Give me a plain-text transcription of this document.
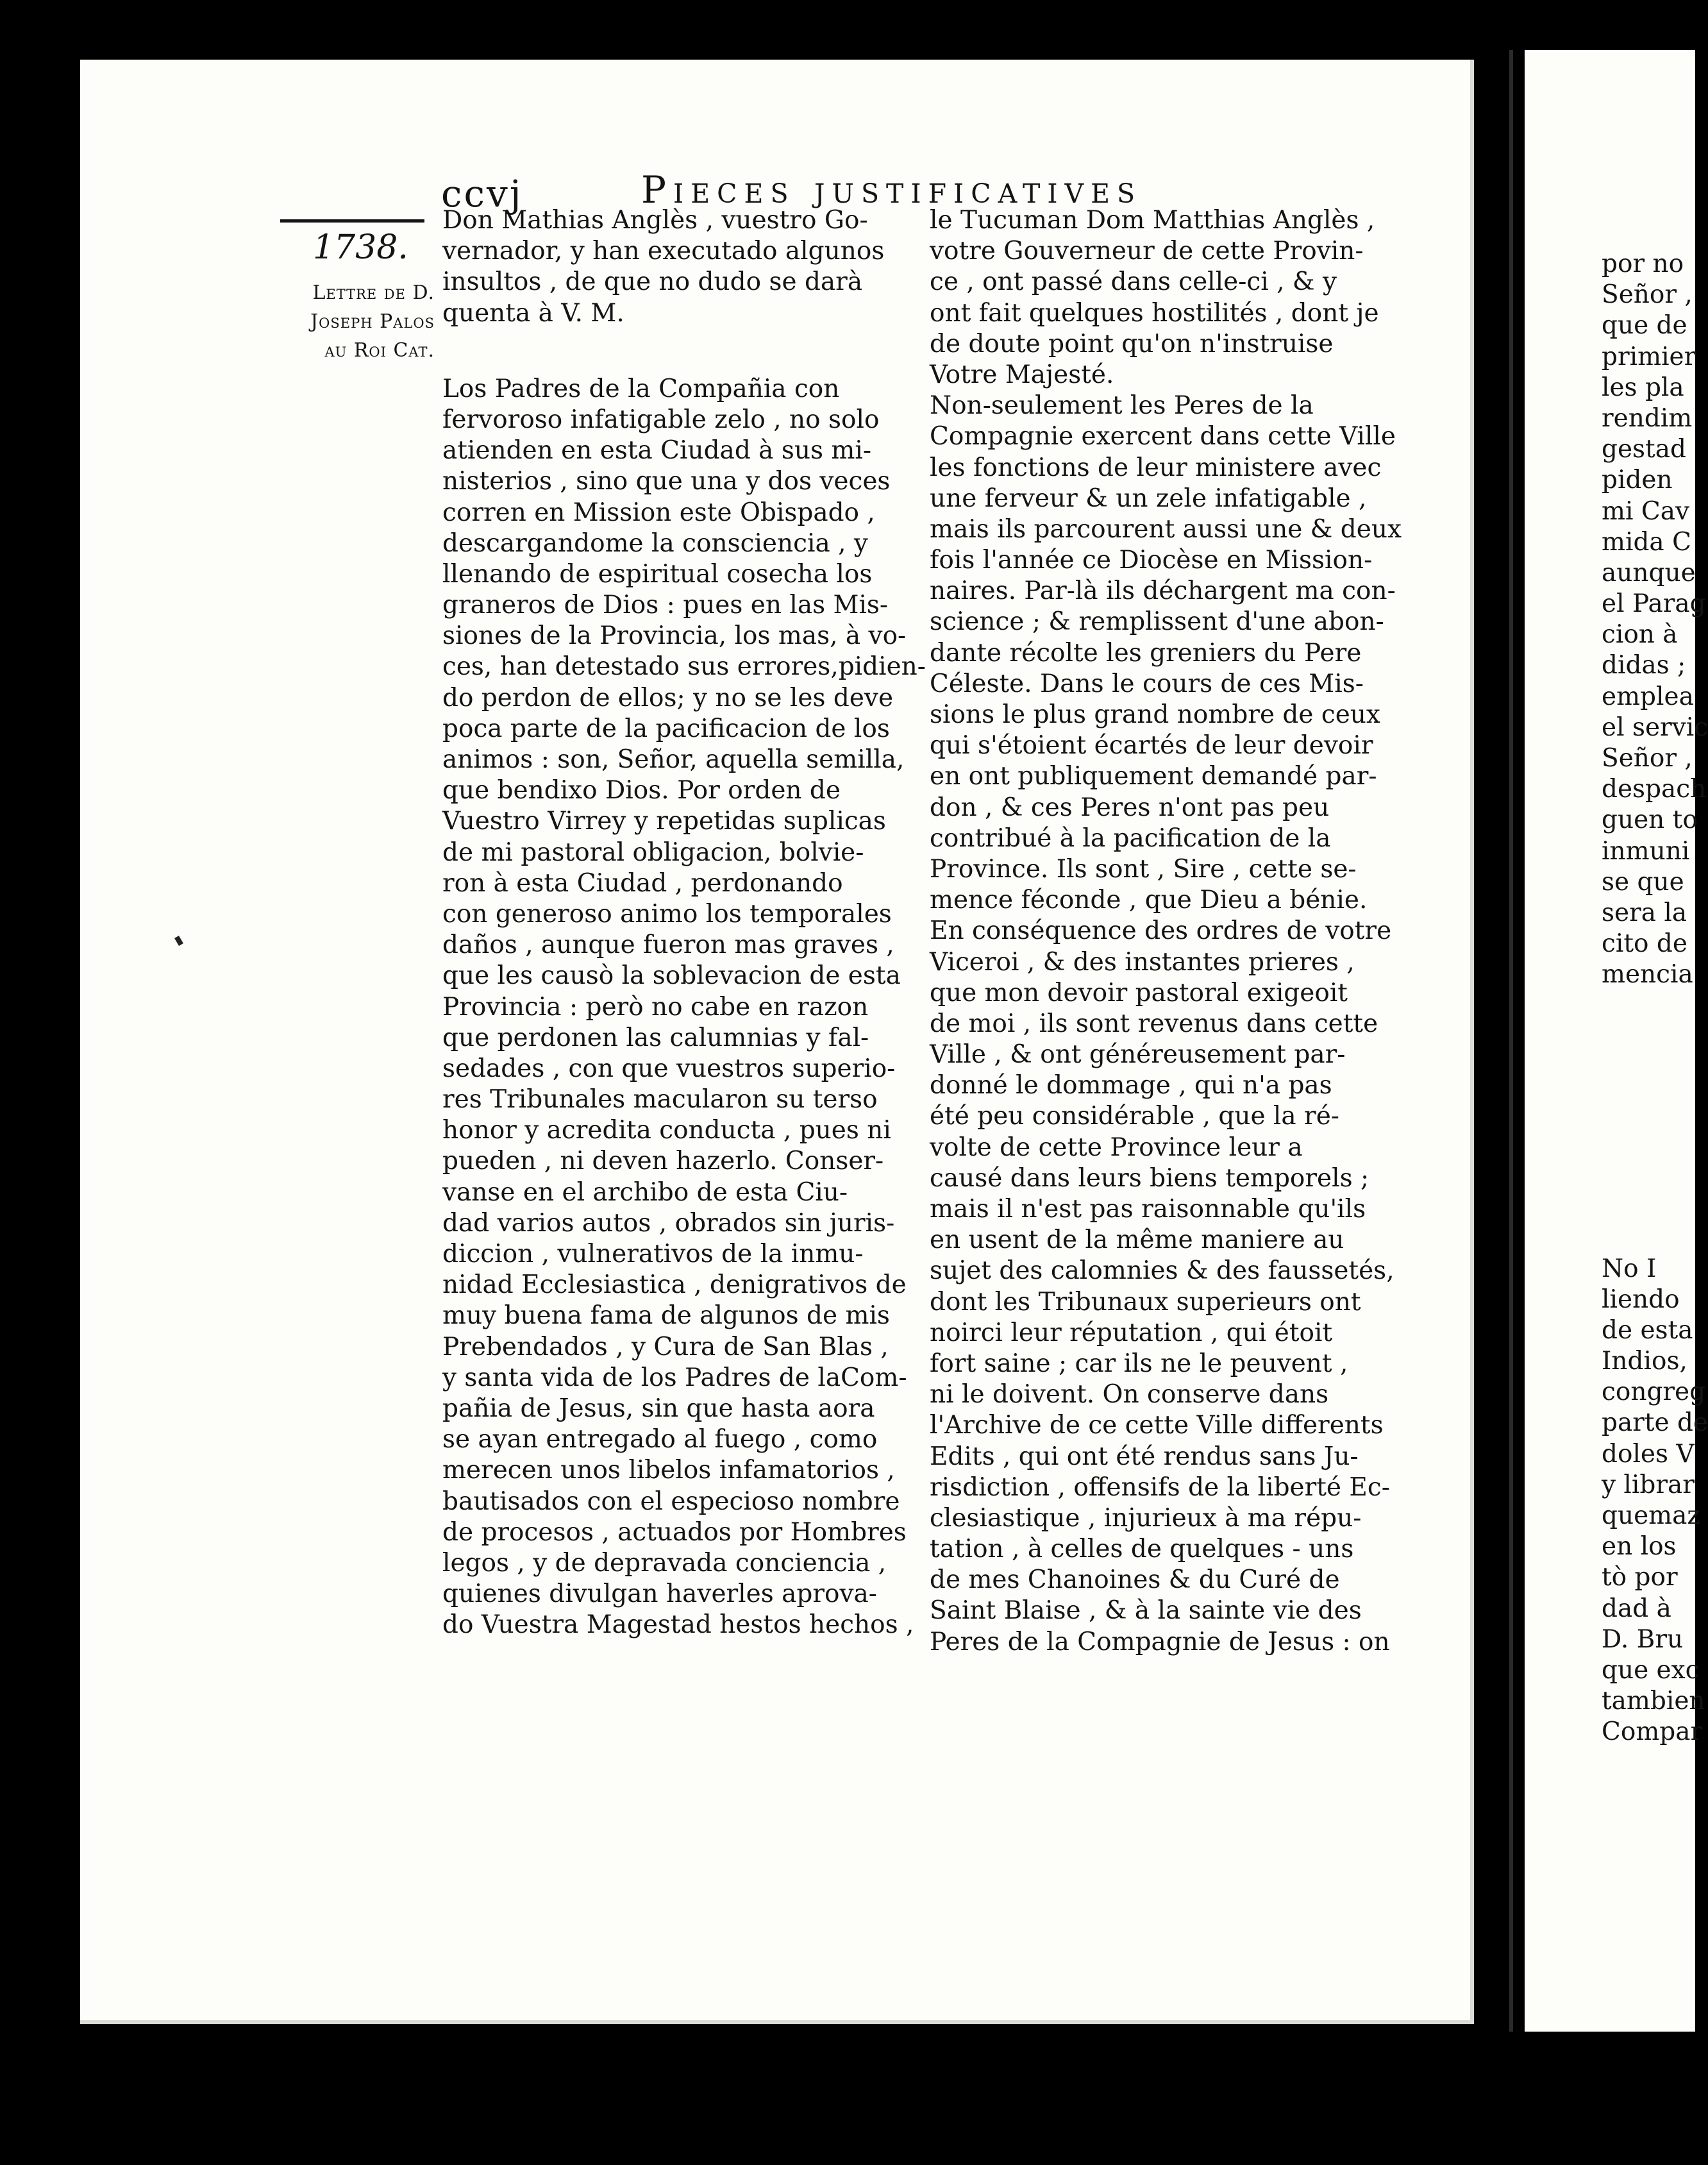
por no
Señor ,
que de
primier
les pla
rendim
gestad
piden
mi Cav
mida C
aunque
el Parag
cion à
didas ;
emplea
el servic
Señor ,
despach
guen to
inmuni
se que
sera la
cito de
mencia
No I
liendo
de esta
Indios,
congreg
parte de
doles V
y librar
quemaz
en los
tò por
dad à
D. Bru
que exc
tambien
Compar
ccvj	Pieces justificatives
1738.
Lettre de D.
Joseph Palos
au Roi Cat.
Don Mathias Anglès , vuestro Go-
vernador, y han executado algunos
insultos , de que no dudo se darà
quenta à V. M.
Los Padres de la Compañia con
fervoroso infatigable zelo , no solo
atienden en esta Ciudad à sus mi-
nisterios , sino que una y dos veces
corren en Mission este Obispado ,
descargandome la consciencia , y
llenando de espiritual cosecha los
graneros de Dios : pues en las Mis-
siones de la Provincia, los mas, à vo-
ces, han detestado sus errores,pidien-
do perdon de ellos; y no se les deve
poca parte de la pacificacion de los
animos : son, Señor, aquella semilla,
que bendixo Dios. Por orden de
Vuestro Virrey y repetidas suplicas
de mi pastoral obligacion, bolvie-
ron à esta Ciudad , perdonando
con generoso animo los temporales
daños , aunque fueron mas graves ,
que les causò la soblevacion de esta
Provincia : però no cabe en razon
que perdonen las calumnias y fal-
sedades , con que vuestros superio-
res Tribunales macularon su terso
honor y acredita conducta , pues ni
pueden , ni deven hazerlo. Conser-
vanse en el archibo de esta Ciu-
dad varios autos , obrados sin juris-
diccion , vulnerativos de la inmu-
nidad Ecclesiastica , denigrativos de
muy buena fama de algunos de mis
Prebendados , y Cura de San Blas ,
y santa vida de los Padres de laCom-
pañia de Jesus, sin que hasta aora
se ayan entregado al fuego , como
merecen unos libelos infamatorios ,
bautisados con el especioso nombre
de procesos , actuados por Hombres
legos , y de depravada conciencia ,
quienes divulgan haverles aprova-
do Vuestra Magestad hestos hechos ,
le Tucuman Dom Matthias Anglès ,
votre Gouverneur de cette Provin-
ce , ont passé dans celle-ci , & y
ont fait quelques hostilités , dont je
de doute point qu'on n'instruise
Votre Majesté.
Non-seulement les Peres de la
Compagnie exercent dans cette Ville
les fonctions de leur ministere avec
une ferveur & un zele infatigable ,
mais ils parcourent aussi une & deux
fois l'année ce Diocèse en Mission-
naires. Par-là ils déchargent ma con-
science ; & remplissent d'une abon-
dante récolte les greniers du Pere
Céleste. Dans le cours de ces Mis-
sions le plus grand nombre de ceux
qui s'étoient écartés de leur devoir
en ont publiquement demandé par-
don , & ces Peres n'ont pas peu
contribué à la pacification de la
Province. Ils sont , Sire , cette se-
mence féconde , que Dieu a bénie.
En conséquence des ordres de votre
Viceroi , & des instantes prieres ,
que mon devoir pastoral exigeoit
de moi , ils sont revenus dans cette
Ville , & ont généreusement par-
donné le dommage , qui n'a pas
été peu considérable , que la ré-
volte de cette Province leur a
causé dans leurs biens temporels ;
mais il n'est pas raisonnable qu'ils
en usent de la même maniere au
sujet des calomnies & des faussetés,
dont les Tribunaux superieurs ont
noirci leur réputation , qui étoit
fort saine ; car ils ne le peuvent ,
ni le doivent. On conserve dans
l'Archive de ce cette Ville differents
Edits , qui ont été rendus sans Ju-
risdiction , offensifs de la liberté Ec-
clesiastique , injurieux à ma répu-
tation , à celles de quelques - uns
de mes Chanoines & du Curé de
Saint Blaise , & à la sainte vie des
Peres de la Compagnie de Jesus : on
